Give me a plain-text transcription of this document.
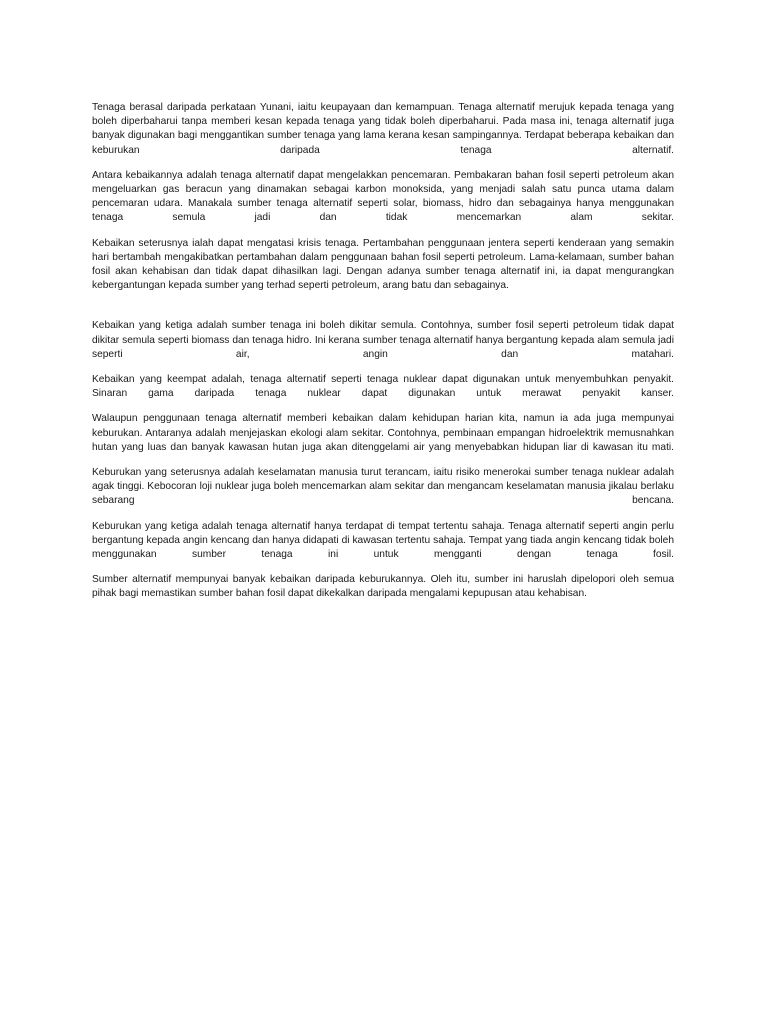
Tenaga berasal daripada perkataan Yunani, iaitu keupayaan dan kemampuan. Tenaga alternatif merujuk kepada tenaga yang boleh diperbaharui tanpa memberi kesan kepada tenaga yang tidak boleh diperbaharui. Pada masa ini, tenaga alternatif juga banyak digunakan bagi menggantikan sumber tenaga yang lama kerana kesan sampingannya. Terdapat beberapa kebaikan dan keburukan daripada tenaga alternatif.

Antara kebaikannya adalah tenaga alternatif dapat mengelakkan pencemaran. Pembakaran bahan fosil seperti petroleum akan mengeluarkan gas beracun yang dinamakan sebagai karbon monoksida, yang menjadi salah satu punca utama dalam pencemaran udara. Manakala sumber tenaga alternatif seperti solar, biomass, hidro dan sebagainya hanya menggunakan tenaga semula jadi dan tidak mencemarkan alam sekitar.

Kebaikan seterusnya ialah dapat mengatasi krisis tenaga. Pertambahan penggunaan jentera seperti kenderaan yang semakin hari bertambah mengakibatkan pertambahan dalam penggunaan bahan fosil seperti petroleum. Lama-kelamaan, sumber bahan fosil akan kehabisan dan tidak dapat dihasilkan lagi. Dengan adanya sumber tenaga alternatif ini, ia dapat mengurangkan kebergantungan kepada sumber yang terhad seperti petroleum, arang batu dan sebagainya.

Kebaikan yang ketiga adalah sumber tenaga ini boleh dikitar semula. Contohnya, sumber fosil seperti petroleum tidak dapat dikitar semula seperti biomass dan tenaga hidro. Ini kerana sumber tenaga alternatif hanya bergantung kepada alam semula jadi seperti air, angin dan matahari.

Kebaikan yang keempat adalah, tenaga alternatif seperti tenaga nuklear dapat digunakan untuk menyembuhkan penyakit. Sinaran gama daripada tenaga nuklear dapat digunakan untuk merawat penyakit kanser.

Walaupun penggunaan tenaga alternatif memberi kebaikan dalam kehidupan harian kita, namun ia ada juga mempunyai keburukan. Antaranya adalah menjejaskan ekologi alam sekitar. Contohnya, pembinaan empangan hidroelektrik memusnahkan hutan yang luas dan banyak kawasan hutan juga akan ditenggelami air yang menyebabkan hidupan liar di kawasan itu mati.

Keburukan yang seterusnya adalah keselamatan manusia turut terancam, iaitu risiko menerokai sumber tenaga nuklear adalah agak tinggi. Kebocoran loji nuklear juga boleh mencemarkan alam sekitar dan mengancam keselamatan manusia jikalau berlaku sebarang bencana.

Keburukan yang ketiga adalah tenaga alternatif hanya terdapat di tempat tertentu sahaja. Tenaga alternatif seperti angin perlu bergantung kepada angin kencang dan hanya didapati di kawasan tertentu sahaja. Tempat yang tiada angin kencang tidak boleh menggunakan sumber tenaga ini untuk mengganti dengan tenaga fosil.

Sumber alternatif mempunyai banyak kebaikan daripada keburukannya. Oleh itu, sumber ini haruslah dipelopori oleh semua pihak bagi memastikan sumber bahan fosil dapat dikekalkan daripada mengalami kepupusan atau kehabisan.
